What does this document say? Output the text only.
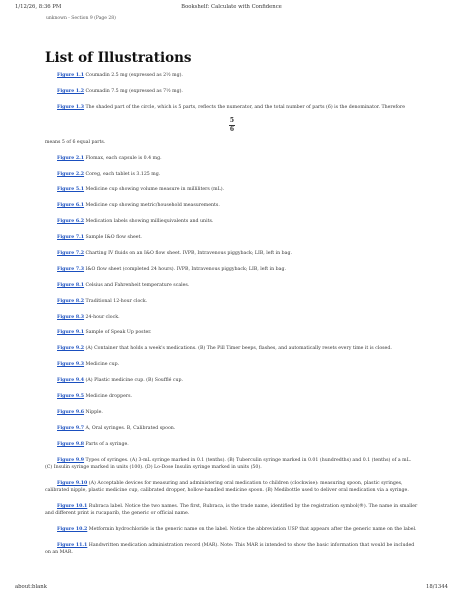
1/12/26, 8:36 PM	Bookshelf: Calculate with Confidence
unknown - Section 9 (Page 28)
List of Illustrations
Figure 1.1 Coumadin 2.5 mg (expressed as 2½ mg).
Figure 1.2 Coumadin 7.5 mg (expressed as 7½ mg).
Figure 1.3 The shaded part of the circle, which is 5 parts, reflects the numerator, and the total number of parts (6) is the denominator. Therefore
5
6
means 5 of 6 equal parts.
Figure 2.1 Flomax, each capsule is 0.4 mg.
Figure 2.2 Coreg, each tablet is 3.125 mg.
Figure 5.1 Medicine cup showing volume measure in milliliters (mL).
Figure 6.1 Medicine cup showing metric/household measurements.
Figure 6.2 Medication labels showing milliequivalents and units.
Figure 7.1 Sample I&O flow sheet.
Figure 7.2 Charting IV fluids on an I&O flow sheet. IVPB, Intravenous piggyback; LIB, left in bag.
Figure 7.3 I&O flow sheet (completed 24 hours). IVPB, Intravenous piggyback; LIB, left in bag.
Figure 8.1 Celsius and Fahrenheit temperature scales.
Figure 8.2 Traditional 12-hour clock.
Figure 8.3 24-hour clock.
Figure 9.1 Sample of Speak Up poster.
Figure 9.2 (A) Container that holds a week's medications. (B) The Pill Timer beeps, flashes, and automatically resets every time it is closed.
Figure 9.3 Medicine cup.
Figure 9.4 (A) Plastic medicine cup. (B) Soufflé cup.
Figure 9.5 Medicine droppers.
Figure 9.6 Nipple.
Figure 9.7 A, Oral syringes. B, Calibrated spoon.
Figure 9.8 Parts of a syringe.
Figure 9.9 Types of syringes. (A) 3-mL syringe marked in 0.1 (tenths). (B) Tuberculin syringe marked in 0.01 (hundredths) and 0.1 (tenths) of a mL. (C) Insulin syringe marked in units (100). (D) Lo-Dose Insulin syringe marked in units (50).
Figure 9.10 (A) Acceptable devices for measuring and administering oral medication to children (clockwise): measuring spoon, plastic syringes, calibrated nipple, plastic medicine cup, calibrated dropper, hollow-handled medicine spoon. (B) Medibottle used to deliver oral medication via a syringe.
Figure 10.1 Rubraca label. Notice the two names. The first, Rubraca, is the trade name, identified by the registration symbol(®). The name in smaller and different print is rucaparib, the generic or official name.
Figure 10.2 Metformin hydrochloride is the generic name on the label. Notice the abbreviation USP that appears after the generic name on the label.
Figure 11.1 Handwritten medication administration record (MAR). Note: This MAR is intended to show the basic information that would be included on an MAR.
about:blank	18/1344
